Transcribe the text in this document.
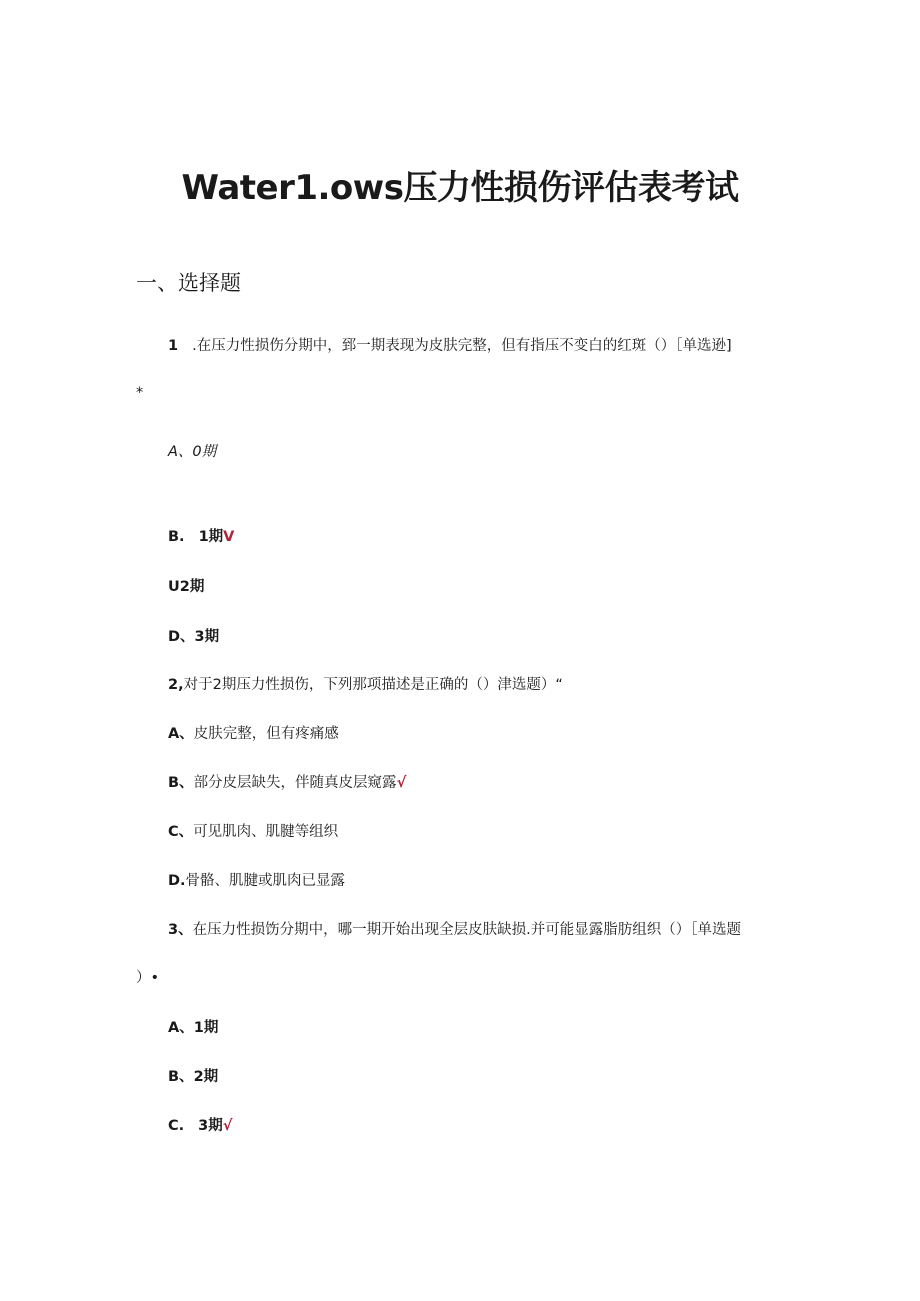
Water1.ows压力性损伤评估表考试
一、选择题
1 .在压力性损伤分期中，郅一期表现为皮肤完整，但有指压不变白的红斑（）［单选逊]
*
A、0期
B. 1期V
U2期
D、3期
2,对于2期压力性损伤，下列那项描述是正确的（）津选题）“
A、皮肤完整，但有疼痛感
B、部分皮层缺失，伴随真皮层窥露√
C、可见肌肉、肌腱等组织
D.骨骼、肌腱或肌肉已显露
3、在压力性损饬分期中，哪一期开始出现全层皮肤缺损.并可能显露脂肪组织（）［单选题
）•
A、1期
B、2期
C. 3期√
